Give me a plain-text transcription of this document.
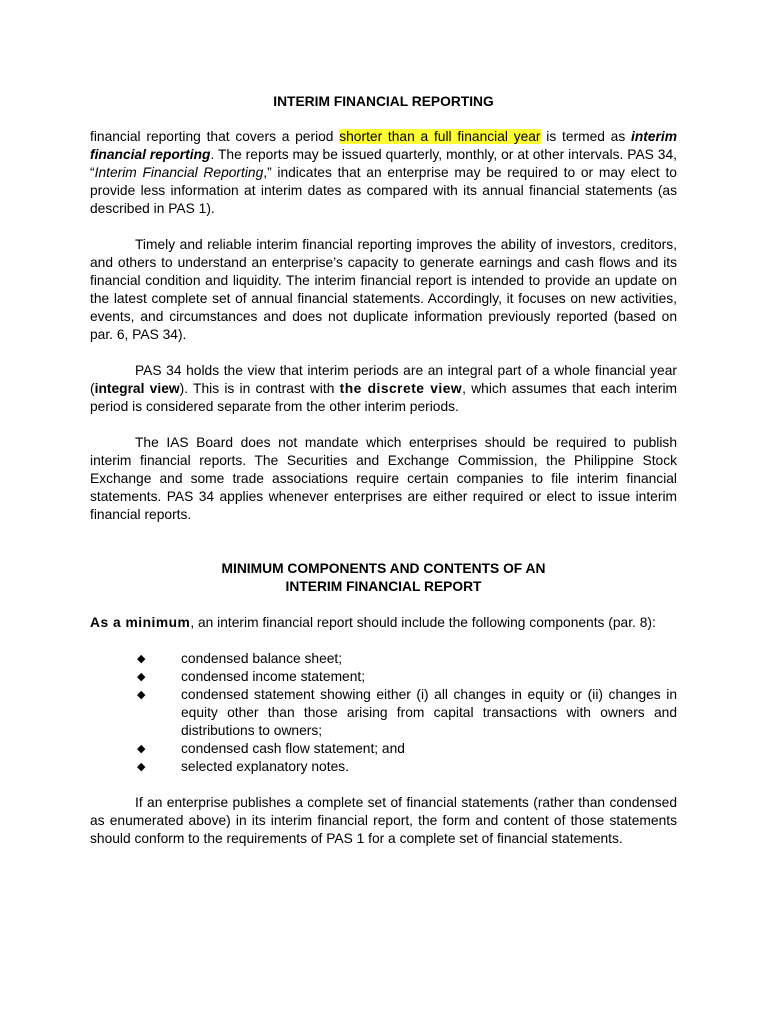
INTERIM FINANCIAL REPORTING

financial reporting that covers a period shorter than a full financial year is termed as interim financial reporting. The reports may be issued quarterly, monthly, or at other intervals. PAS 34, “Interim Financial Reporting,” indicates that an enterprise may be required to or may elect to provide less information at interim dates as compared with its annual financial statements (as described in PAS 1).

Timely and reliable interim financial reporting improves the ability of investors, creditors, and others to understand an enterprise’s capacity to generate earnings and cash flows and its financial condition and liquidity. The interim financial report is intended to provide an update on the latest complete set of annual financial statements. Accordingly, it focuses on new activities, events, and circumstances and does not duplicate information previously reported (based on par. 6, PAS 34).

PAS 34 holds the view that interim periods are an integral part of a whole financial year (integral view). This is in contrast with the discrete view, which assumes that each interim period is considered separate from the other interim periods.

The IAS Board does not mandate which enterprises should be required to publish interim financial reports. The Securities and Exchange Commission, the Philippine Stock Exchange and some trade associations require certain companies to file interim financial statements. PAS 34 applies whenever enterprises are either required or elect to issue interim financial reports.

MINIMUM COMPONENTS AND CONTENTS OF AN

INTERIM FINANCIAL REPORT

As a minimum, an interim financial report should include the following components (par. 8):

◆	condensed balance sheet;
◆	condensed income statement;
◆	condensed statement showing either (i) all changes in equity or (ii) changes in equity other than those arising from capital transactions with owners and distributions to owners;
◆	condensed cash flow statement; and
◆	selected explanatory notes.

If an enterprise publishes a complete set of financial statements (rather than condensed as enumerated above) in its interim financial report, the form and content of those statements should conform to the requirements of PAS 1 for a complete set of financial statements.
